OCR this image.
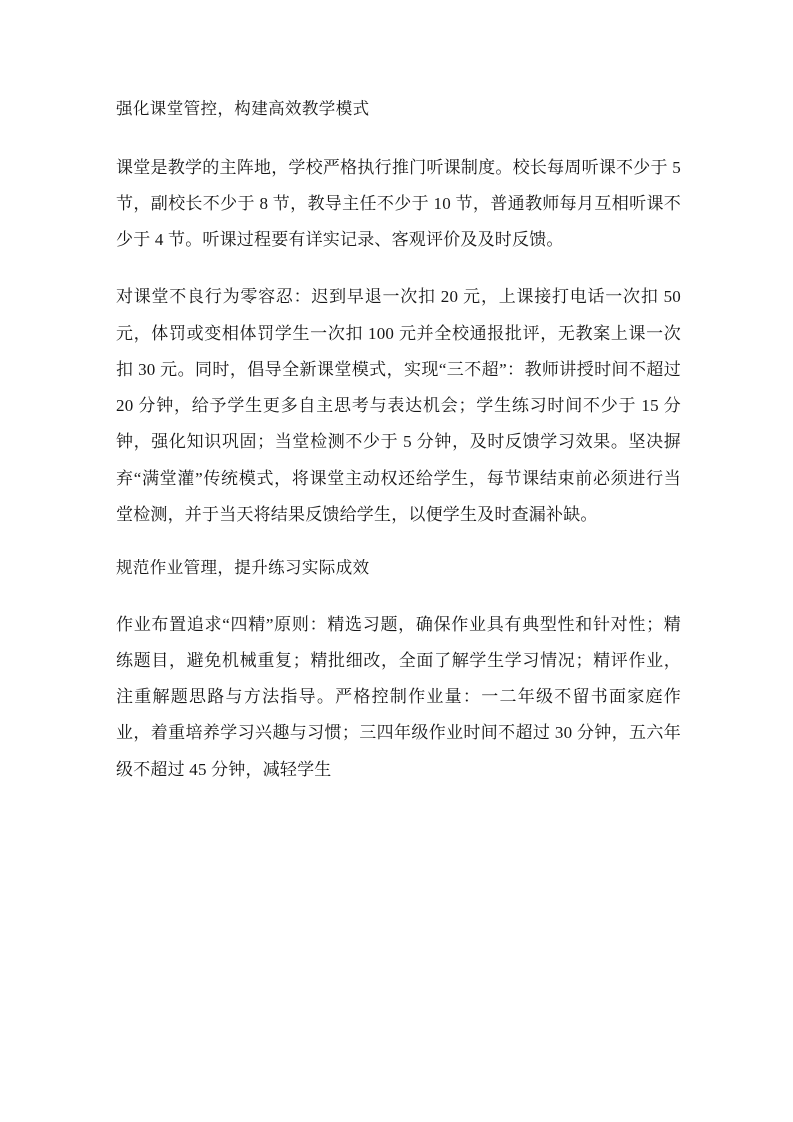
强化课堂管控，构建高效教学模式

课堂是教学的主阵地，学校严格执行推门听课制度。校长每周听课不少于 5 节，副校长不少于 8 节，教导主任不少于 10 节，普通教师每月互相听课不少于 4 节。听课过程要有详实记录、客观评价及及时反馈。

对课堂不良行为零容忍：迟到早退一次扣 20 元，上课接打电话一次扣 50 元，体罚或变相体罚学生一次扣 100 元并全校通报批评，无教案上课一次扣 30 元。同时，倡导全新课堂模式，实现“三不超”：教师讲授时间不超过 20 分钟，给予学生更多自主思考与表达机会；学生练习时间不少于 15 分钟，强化知识巩固；当堂检测不少于 5 分钟，及时反馈学习效果。坚决摒弃“满堂灌”传统模式，将课堂主动权还给学生，每节课结束前必须进行当堂检测，并于当天将结果反馈给学生，以便学生及时查漏补缺。

规范作业管理，提升练习实际成效

作业布置追求“四精”原则：精选习题，确保作业具有典型性和针对性；精练题目，避免机械重复；精批细改，全面了解学生学习情况；精评作业，注重解题思路与方法指导。严格控制作业量：一二年级不留书面家庭作业，着重培养学习兴趣与习惯；三四年级作业时间不超过 30 分钟，五六年级不超过 45 分钟，减轻学生
